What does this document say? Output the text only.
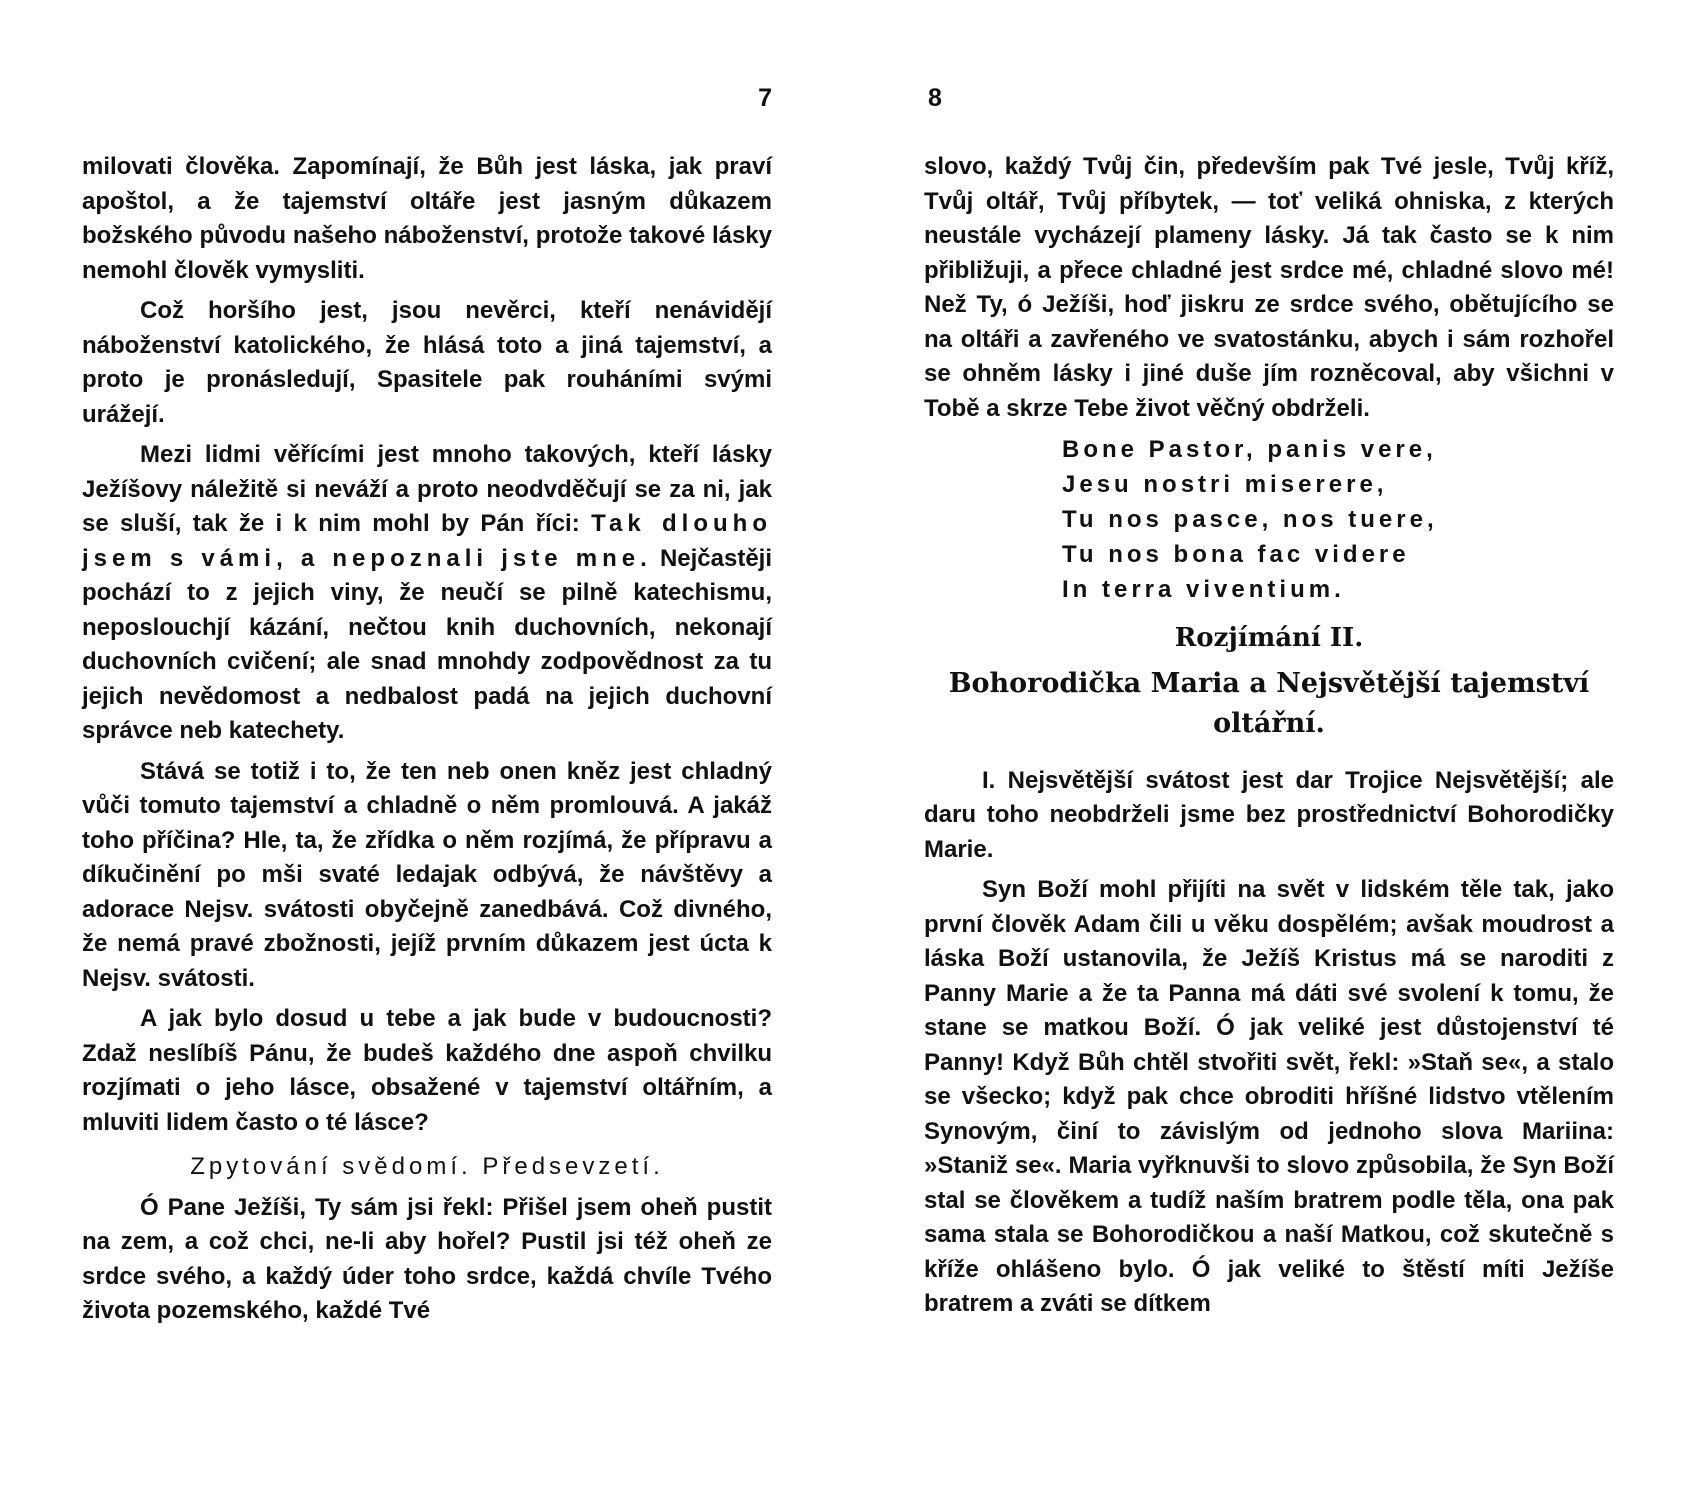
7

milovati člověka. Zapomínají, že Bůh jest láska, jak praví apoštol, a že tajemství oltáře jest jasným důkazem božského původu našeho náboženství, protože takové lásky nemohl člověk vymysliti.

Což horšího jest, jsou nevěrci, kteří nenávidějí náboženství katolického, že hlásá toto a jiná tajemství, a proto je pronásledují, Spasitele pak rouháními svými urážejí.

Mezi lidmi věřícími jest mnoho takových, kteří lásky Ježíšovy náležitě si neváží a proto neodvděčují se za ni, jak se sluší, tak že i k nim mohl by Pán říci: Tak dlouho jsem s vámi, a nepoznali jste mne. Nejčastěji pochází to z jejich viny, že neučí se pilně katechismu, neposlouchjí kázání, nečtou knih duchovních, nekonají duchovních cvičení; ale snad mnohdy zodpovědnost za tu jejich nevědomost a nedbalost padá na jejich duchovní správce neb katechety.

Stává se totiž i to, že ten neb onen kněz jest chladný vůči tomuto tajemství a chladně o něm promlouvá. A jakáž toho příčina? Hle, ta, že zřídka o něm rozjímá, že přípravu a díkučinění po mši svaté ledajak odbývá, že návštěvy a adorace Nejsv. svátosti obyčejně zanedbává. Což divného, že nemá pravé zbožnosti, jejíž prvním důkazem jest úcta k Nejsv. svátosti.

A jak bylo dosud u tebe a jak bude v budoucnosti? Zdaž neslíbíš Pánu, že budeš každého dne aspoň chvilku rozjímati o jeho lásce, obsažené v tajemství oltářním, a mluviti lidem často o té lásce?

Zpytování svědomí. Předsevzetí.

Ó Pane Ježíši, Ty sám jsi řekl: Přišel jsem oheň pustit na zem, a což chci, ne-li aby hořel? Pustil jsi též oheň ze srdce svého, a každý úder toho srdce, každá chvíle Tvého života pozemského, každé Tvé

8

slovo, každý Tvůj čin, především pak Tvé jesle, Tvůj kříž, Tvůj oltář, Tvůj příbytek, — toť veliká ohniska, z kterých neustále vycházejí plameny lásky. Já tak často se k nim přibližuji, a přece chladné jest srdce mé, chladné slovo mé! Než Ty, ó Ježíši, hoď jiskru ze srdce svého, obětujícího se na oltáři a zavřeného ve svatostánku, abych i sám rozhořel se ohněm lásky i jiné duše jím rozněcoval, aby všichni v Tobě a skrze Tebe život věčný obdrželi.

Bone Pastor, panis vere,
Jesu nostri miserere,
Tu nos pasce, nos tuere,
Tu nos bona fac videre
In terra viventium.
Rozjímání II.
Bohorodička Maria a Nejsvětější tajemství
oltářní.

I. Nejsvětější svátost jest dar Trojice Nejsvětější; ale daru toho neobdrželi jsme bez prostřednictví Bohorodičky Marie.

Syn Boží mohl přijíti na svět v lidském těle tak, jako první člověk Adam čili u věku dospělém; avšak moudrost a láska Boží ustanovila, že Ježíš Kristus má se naroditi z Panny Marie a že ta Panna má dáti své svolení k tomu, že stane se matkou Boží. Ó jak veliké jest důstojenství té Panny! Když Bůh chtěl stvořiti svět, řekl: »Staň se«, a stalo se všecko; když pak chce obroditi hříšné lidstvo vtělením Synovým, činí to závislým od jednoho slova Mariina: »Staniž se«. Maria vyřknuvši to slovo způsobila, že Syn Boží stal se člověkem a tudíž naším bratrem podle těla, ona pak sama stala se Bohorodičkou a naší Matkou, což skutečně s kříže ohlášeno bylo. Ó jak veliké to štěstí míti Ježíše bratrem a zváti se dítkem
